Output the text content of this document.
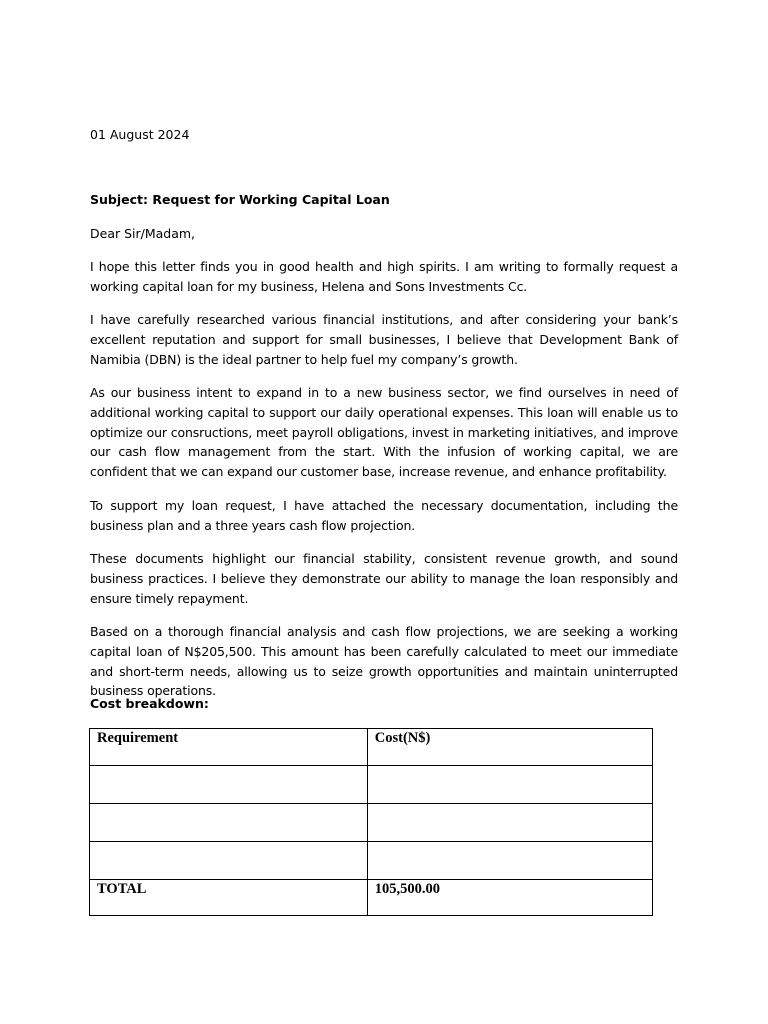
01 August 2024

Subject: Request for Working Capital Loan

Dear Sir/Madam,

I hope this letter finds you in good health and high spirits. I am writing to formally request a working capital loan for my business, Helena and Sons Investments Cc.

I have carefully researched various financial institutions, and after considering your bank’s excellent reputation and support for small businesses, I believe that Development Bank of Namibia (DBN) is the ideal partner to help fuel my company’s growth.

As our business intent to expand in to a new business sector, we find ourselves in need of additional working capital to support our daily operational expenses. This loan will enable us to optimize our consructions, meet payroll obligations, invest in marketing initiatives, and improve our cash flow management from the start. With the infusion of working capital, we are confident that we can expand our customer base, increase revenue, and enhance profitability.

To support my loan request, I have attached the necessary documentation, including the business plan and a three years cash flow projection.

These documents highlight our financial stability, consistent revenue growth, and sound business practices. I believe they demonstrate our ability to manage the loan responsibly and ensure timely repayment.

Based on a thorough financial analysis and cash flow projections, we are seeking a working capital loan of N$205,500. This amount has been carefully calculated to meet our immediate and short-term needs, allowing us to seize growth opportunities and maintain uninterrupted business operations.

Cost breakdown:

Requirement	Cost(N$)

TOTAL	105,500.00
